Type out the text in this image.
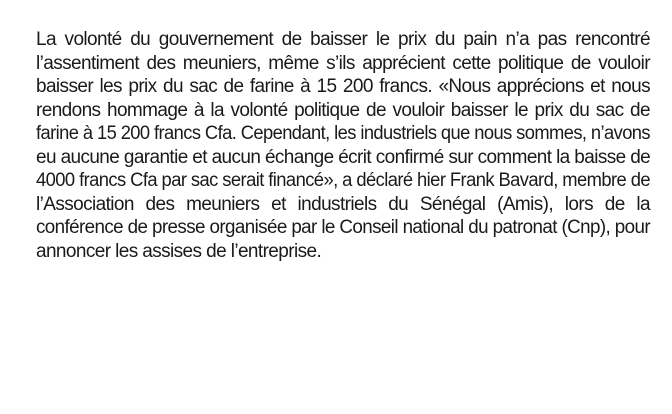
La volonté du gouvernement de baisser le prix du pain n’a pas rencontré
l’assentiment des meuniers, même s’ils apprécient cette politique de vouloir
baisser les prix du sac de farine à 15 200 francs. «Nous apprécions et nous
rendons hommage à la volonté politique de vouloir baisser le prix du sac de
farine à 15 200 francs Cfa. Cependant, les industriels que nous sommes, n’avons
eu aucune garantie et aucun échange écrit confirmé sur comment la baisse de
4000 francs Cfa par sac serait financé», a déclaré hier Frank Bavard, membre de
l’Association des meuniers et industriels du Sénégal (Amis), lors de la
conférence de presse organisée par le Conseil national du patronat (Cnp), pour
annoncer les assises de l’entreprise.
